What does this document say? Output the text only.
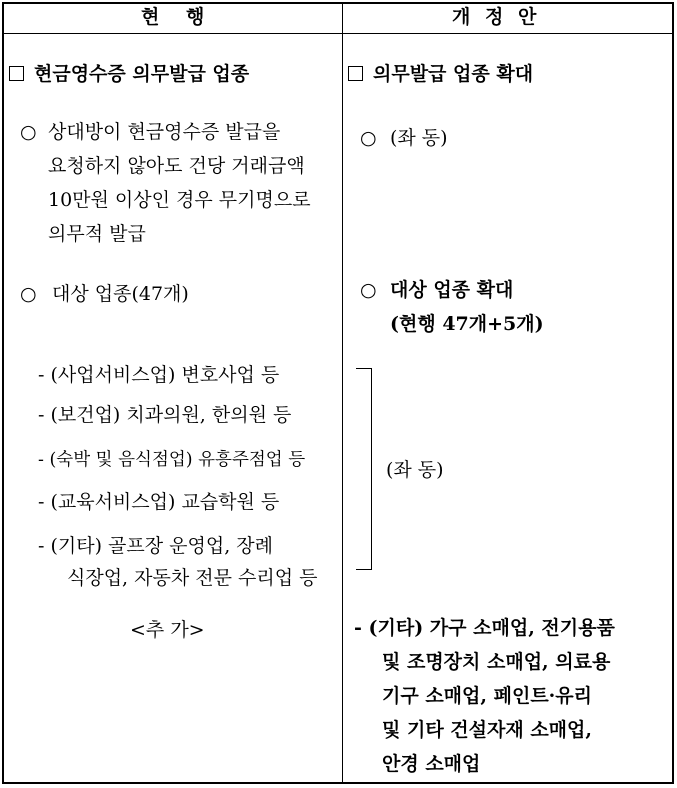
현 행	개 정 안
현금영수증 의무발급 업종
○ 상대방이 현금영수증 발급을
요청하지 않아도 건당 거래금액
10만원 이상인 경우 무기명으로
의무적 발급
○ 대상 업종(47개)
- (사업서비스업) 변호사업 등
- (보건업) 치과의원, 한의원 등
- (숙박 및 음식점업) 유흥주점업 등
- (교육서비스업) 교습학원 등
- (기타) 골프장 운영업, 장례
식장업, 자동차 전문 수리업 등
<추 가>
의무발급 업종 확대
○ (좌 동)
○ 대상 업종 확대
(현행 47개+5개)
(좌 동)
- (기타) 가구 소매업, 전기용품
및 조명장치 소매업, 의료용
기구 소매업, 페인트·유리
및 기타 건설자재 소매업,
안경 소매업
